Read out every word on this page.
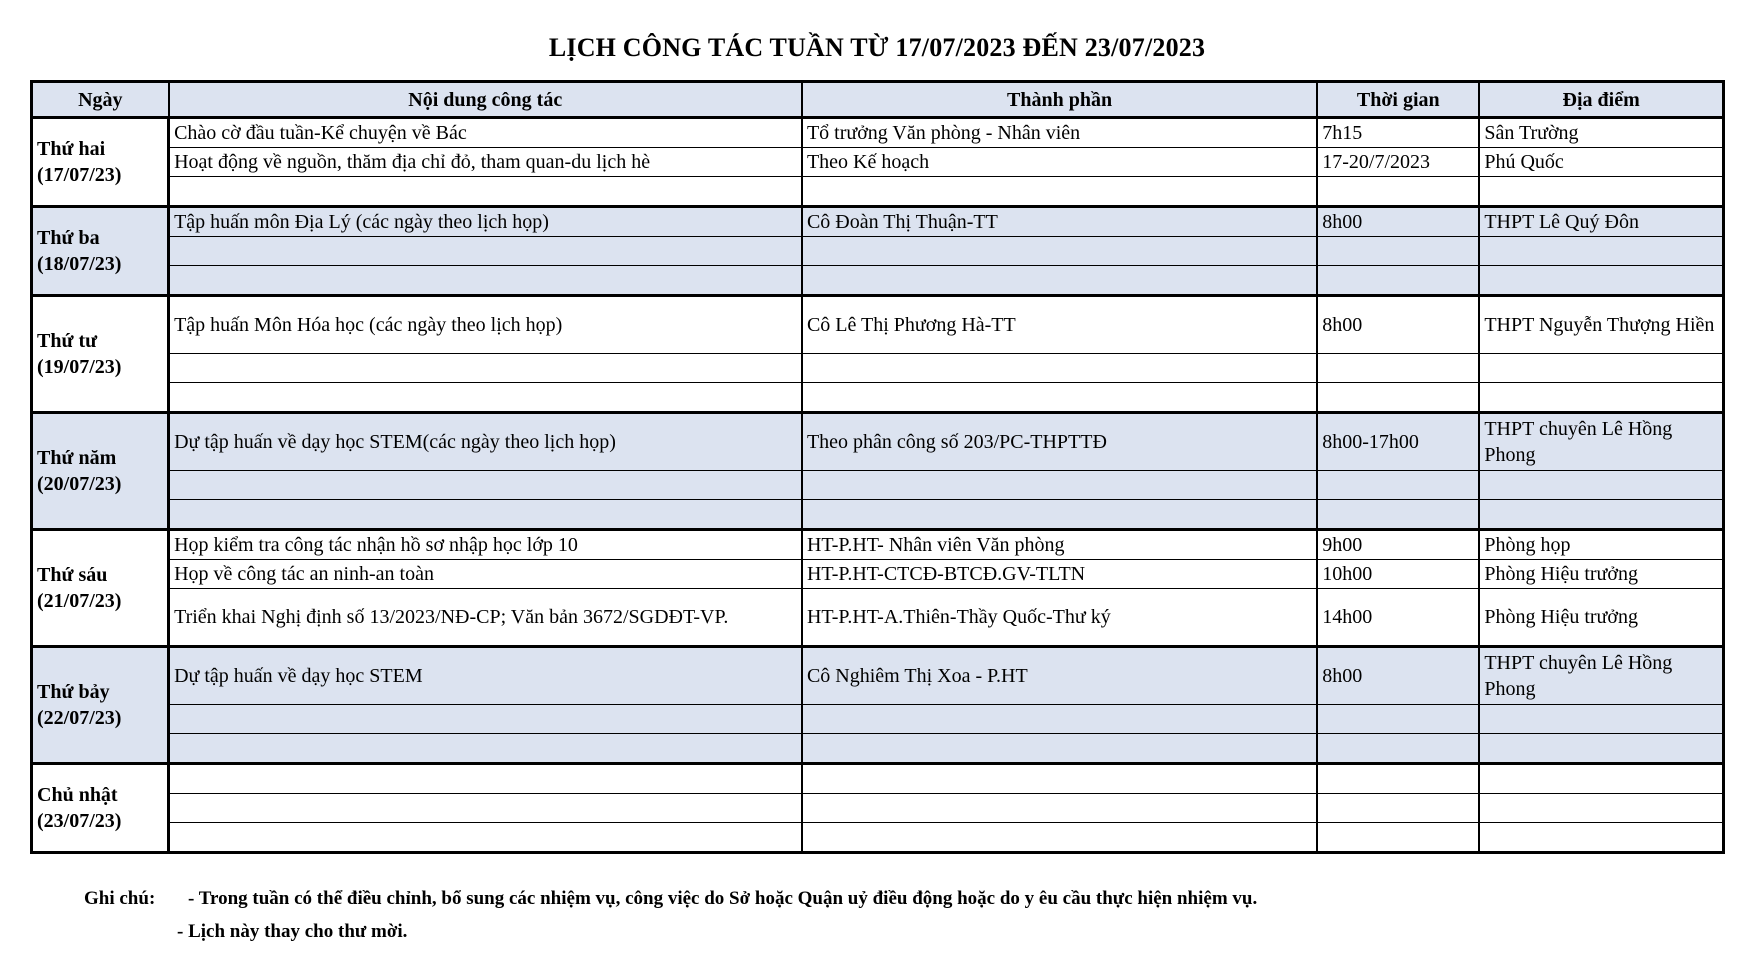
LỊCH CÔNG TÁC TUẦN TỪ 17/07/2023 ĐẾN 23/07/2023
Ngày	Nội dung công tác	Thành phần	Thời gian	Địa điểm
Thứ hai
(17/07/23)	Chào cờ đầu tuần-Kể chuyện về Bác	Tổ trưởng Văn phòng - Nhân viên	7h15	Sân Trường
	Hoạt động về nguồn, thăm địa chỉ đỏ, tham quan-du lịch hè	Theo Kế hoạch	17-20/7/2023	Phú Quốc

Thứ ba
(18/07/23)	Tập huấn môn Địa Lý (các ngày theo lịch họp)	Cô Đoàn Thị Thuận-TT	8h00	THPT Lê Quý Đôn

Thứ tư
(19/07/23)	Tập huấn Môn Hóa học (các ngày theo lịch họp)	Cô Lê Thị Phương Hà-TT	8h00	THPT Nguyễn Thượng Hiền

Thứ năm
(20/07/23)	Dự tập huấn về dạy học STEM(các ngày theo lịch họp)	Theo phân công số 203/PC-THPTTĐ	8h00-17h00	THPT chuyên Lê Hồng Phong

Thứ sáu
(21/07/23)	Họp kiểm tra công tác nhận hồ sơ nhập học lớp 10	HT-P.HT- Nhân viên Văn phòng	9h00	Phòng họp
	Họp về công tác an ninh-an toàn	HT-P.HT-CTCĐ-BTCĐ.GV-TLTN	10h00	Phòng Hiệu trưởng
	Triển khai Nghị định số 13/2023/NĐ-CP; Văn bản 3672/SGDĐT-VP.	HT-P.HT-A.Thiên-Thầy Quốc-Thư ký	14h00	Phòng Hiệu trưởng
Thứ bảy
(22/07/23)	Dự tập huấn về dạy học STEM	Cô Nghiêm Thị Xoa - P.HT	8h00	THPT chuyên Lê Hồng Phong

Chủ nhật
(23/07/23)				

Ghi chú: - Trong tuần có thể điều chỉnh, bổ sung các nhiệm vụ, công việc do Sở hoặc Quận uỷ điều động hoặc do y êu cầu thực hiện nhiệm vụ.
- Lịch này thay cho thư mời.
